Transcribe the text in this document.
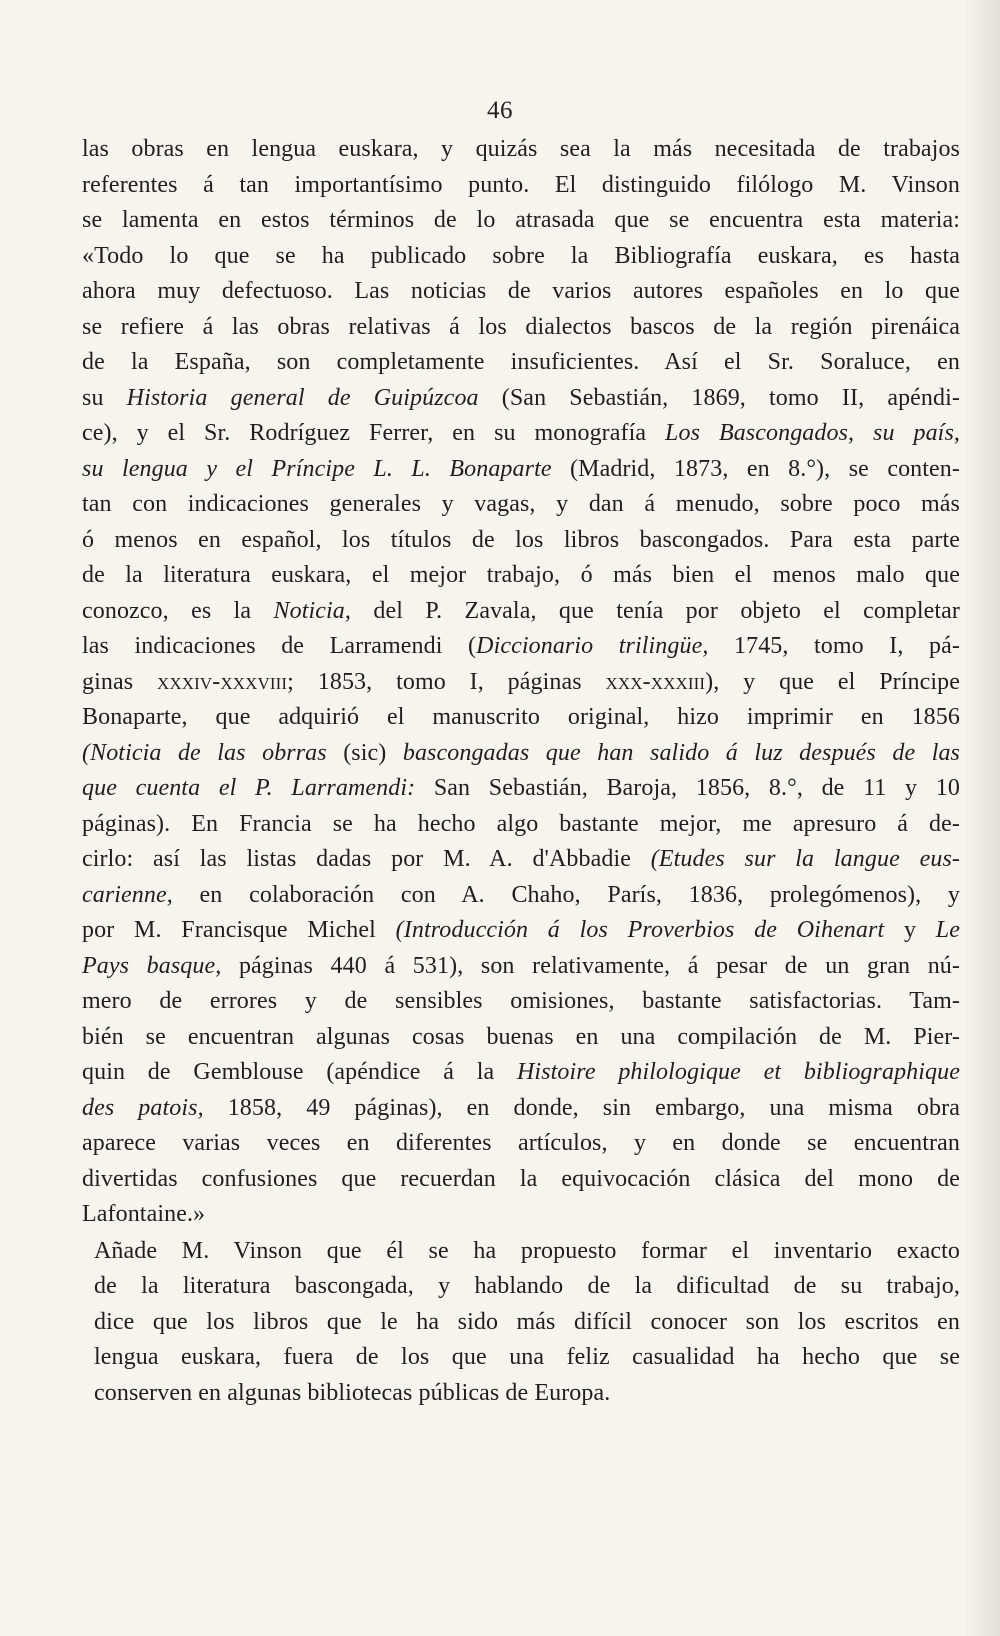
46
las obras en lengua euskara, y quizás sea la más necesitada de trabajos
referentes á tan importantísimo punto. El distinguido filólogo M. Vinson
se lamenta en estos términos de lo atrasada que se encuentra esta materia:
«Todo lo que se ha publicado sobre la Bibliografía euskara, es hasta
ahora muy defectuoso. Las noticias de varios autores españoles en lo que
se refiere á las obras relativas á los dialectos bascos de la región pirenáica
de la España, son completamente insuficientes. Así el Sr. Soraluce, en
su Historia general de Guipúzcoa (San Sebastián, 1869, tomo II, apéndi-
ce), y el Sr. Rodríguez Ferrer, en su monografía Los Bascongados, su país,
su lengua y el Príncipe L. L. Bonaparte (Madrid, 1873, en 8.°), se conten-
tan con indicaciones generales y vagas, y dan á menudo, sobre poco más
ó menos en español, los títulos de los libros bascongados. Para esta parte
de la literatura euskara, el mejor trabajo, ó más bien el menos malo que
conozco, es la Noticia, del P. Zavala, que tenía por objeto el completar
las indicaciones de Larramendi (Diccionario trilingüe, 1745, tomo I, pá-
ginas xxxiv-xxxviii; 1853, tomo I, páginas xxx-xxxiii), y que el Príncipe
Bonaparte, que adquirió el manuscrito original, hizo imprimir en 1856
(Noticia de las obrras (sic) bascongadas que han salido á luz después de las
que cuenta el P. Larramendi: San Sebastián, Baroja, 1856, 8.°, de 11 y 10
páginas). En Francia se ha hecho algo bastante mejor, me apresuro á de-
cirlo: así las listas dadas por M. A. d'Abbadie (Etudes sur la langue eus-
carienne, en colaboración con A. Chaho, París, 1836, prolegómenos), y
por M. Francisque Michel (Introducción á los Proverbios de Oihenart y Le
Pays basque, páginas 440 á 531), son relativamente, á pesar de un gran nú-
mero de errores y de sensibles omisiones, bastante satisfactorias. Tam-
bién se encuentran algunas cosas buenas en una compilación de M. Pier-
quin de Gemblouse (apéndice á la Histoire philologique et bibliographique
des patois, 1858, 49 páginas), en donde, sin embargo, una misma obra
aparece varias veces en diferentes artículos, y en donde se encuentran
divertidas confusiones que recuerdan la equivocación clásica del mono de
Lafontaine.»
Añade M. Vinson que él se ha propuesto formar el inventario exacto
de la literatura bascongada, y hablando de la dificultad de su trabajo,
dice que los libros que le ha sido más difícil conocer son los escritos en
lengua euskara, fuera de los que una feliz casualidad ha hecho que se
conserven en algunas bibliotecas públicas de Europa.
